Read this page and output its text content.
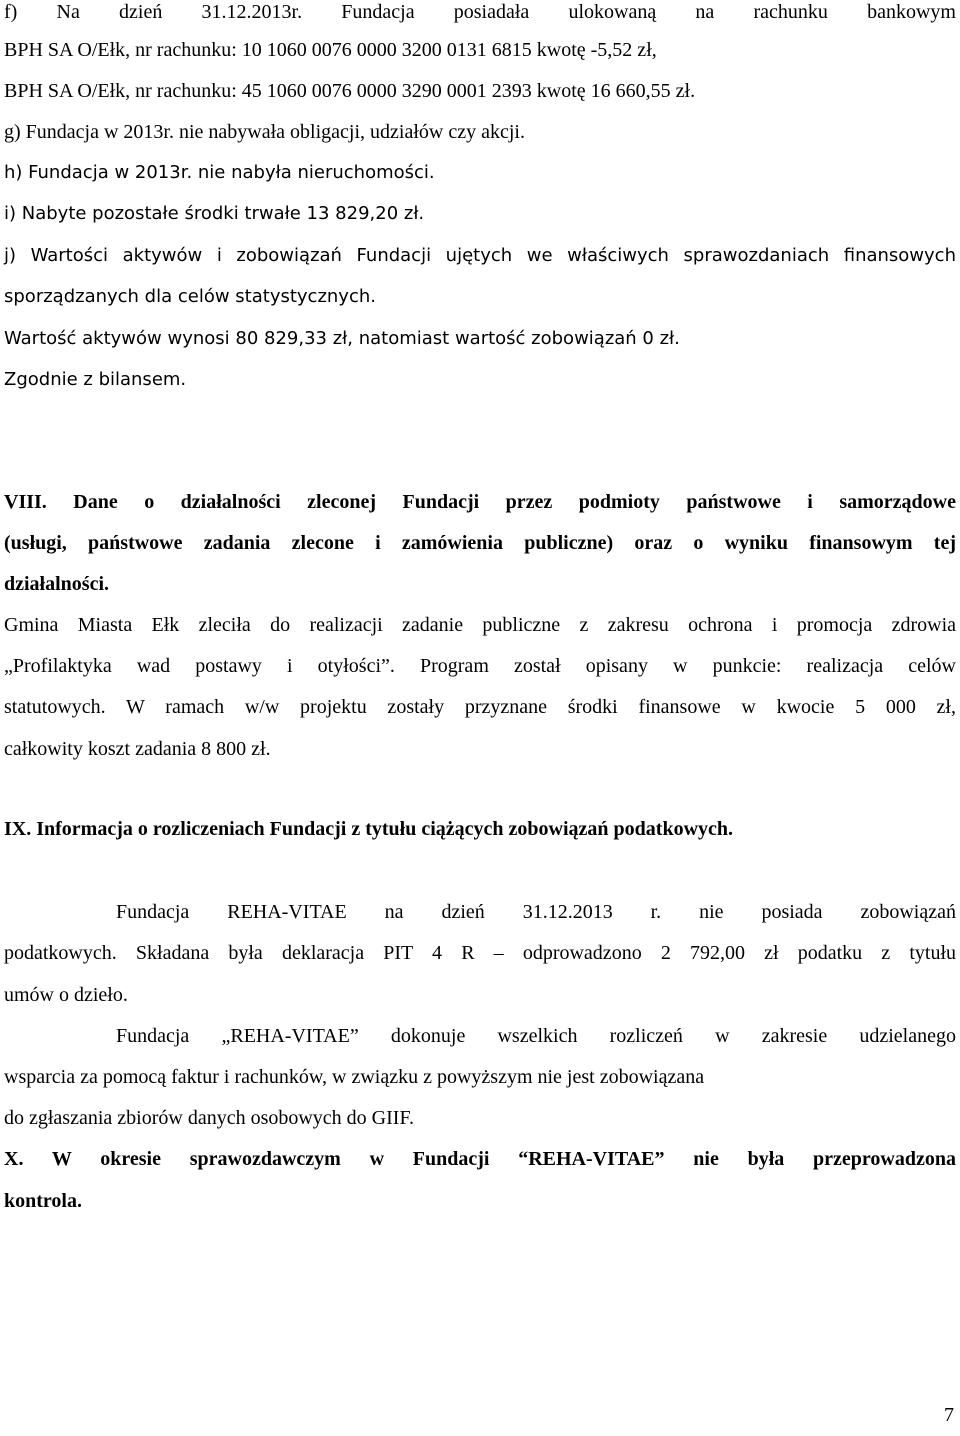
f) Na dzień 31.12.2013r. Fundacja posiadała ulokowaną na rachunku bankowym
BPH SA O/Ełk, nr rachunku: 10 1060 0076 0000 3200 0131 6815 kwotę -5,52 zł,
BPH SA O/Ełk, nr rachunku: 45 1060 0076 0000 3290 0001 2393 kwotę 16 660,55 zł.
g) Fundacja w 2013r. nie nabywała obligacji, udziałów czy akcji.
h) Fundacja w 2013r. nie nabyła nieruchomości.
i) Nabyte pozostałe środki trwałe 13 829,20 zł.
j) Wartości aktywów i zobowiązań Fundacji ujętych we właściwych sprawozdaniach finansowych
sporządzanych dla celów statystycznych.
Wartość aktywów wynosi 80 829,33 zł, natomiast wartość zobowiązań 0 zł.
Zgodnie z bilansem.
VIII. Dane o działalności zleconej Fundacji przez podmioty państwowe i samorządowe
(usługi, państwowe zadania zlecone i zamówienia publiczne) oraz o wyniku finansowym tej
działalności.
Gmina Miasta Ełk zleciła do realizacji zadanie publiczne z zakresu ochrona i promocja zdrowia
„Profilaktyka wad postawy i otyłości”. Program został opisany w punkcie: realizacja celów
statutowych. W ramach w/w projektu zostały przyznane środki finansowe w kwocie 5 000 zł,
całkowity koszt zadania 8 800 zł.
IX. Informacja o rozliczeniach Fundacji z tytułu ciążących zobowiązań podatkowych.
Fundacja REHA-VITAE na dzień 31.12.2013 r. nie posiada zobowiązań
podatkowych. Składana była deklaracja PIT 4 R – odprowadzono 2 792,00 zł podatku z tytułu
umów o dzieło.
Fundacja „REHA-VITAE” dokonuje wszelkich rozliczeń w zakresie udzielanego
wsparcia za pomocą faktur i rachunków, w związku z powyższym nie jest zobowiązana
do zgłaszania zbiorów danych osobowych do GIIF.
X. W okresie sprawozdawczym w Fundacji “REHA-VITAE” nie była przeprowadzona
kontrola.
7
